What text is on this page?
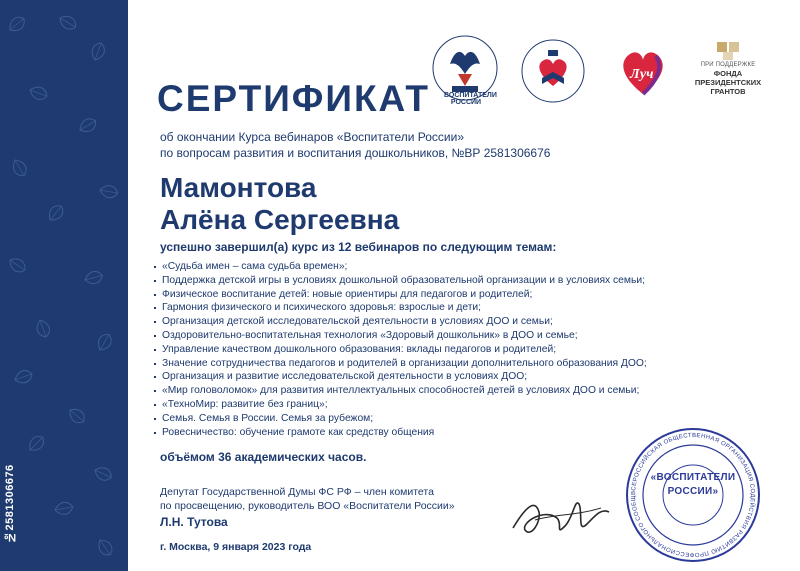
№2581306676
ВОСПИТАТЕЛИ РОССИИ
Луч
ПРИ ПОДДЕРЖКЕ
ФОНДА ПРЕЗИДЕНТСКИХ ГРАНТОВ
СЕРТИФИКАТ
об окончании Курса вебинаров «Воспитатели России»
по вопросам развития и воспитания дошкольников, №ВР 2581306676
Мамонтова
Алёна Сергеевна
успешно завершил(а) курс из 12 вебинаров по следующим темам:
«Судьба имен – сама судьба времен»;
Поддержка детской игры в условиях дошкольной образовательной организации и в условиях семьи;
Физическое воспитание детей: новые ориентиры для педагогов и родителей;
Гармония физического и психического здоровья: взрослые и дети;
Организация детской исследовательской деятельности в условиях ДОО и семьи;
Оздоровительно-воспитательная технология «Здоровый дошкольник» в ДОО и семье;
Управление качеством дошкольного образования: вклады педагогов и родителей;
Значение сотрудничества педагогов и родителей в организации дополнительного образования ДОО;
Организация и развитие исследовательской деятельности в условиях ДОО;
«Мир головоломок» для развития интеллектуальных способностей детей в условиях ДОО и семьи;
«ТехноМир: развитие без границ»;
Семья. Семья в России. Семья за рубежом;
Ровесничество: обучение грамоте как средству общения
объёмом 36 академических часов.
Депутат Государственной Думы ФС РФ – член комитета
по просвещению, руководитель ВОО «Воспитатели России»
Л.Н. Тутова
г. Москва, 9 января 2023 года
ВСЕРОССИЙСКАЯ ОБЩЕСТВЕННАЯ ОРГАНИЗАЦИЯ СОДЕЙСТВИЯ РАЗВИТИЮ ПРОФЕССИОНАЛЬНОГО СООБЩ
«ВОСПИТАТЕЛИ
РОССИИ»
